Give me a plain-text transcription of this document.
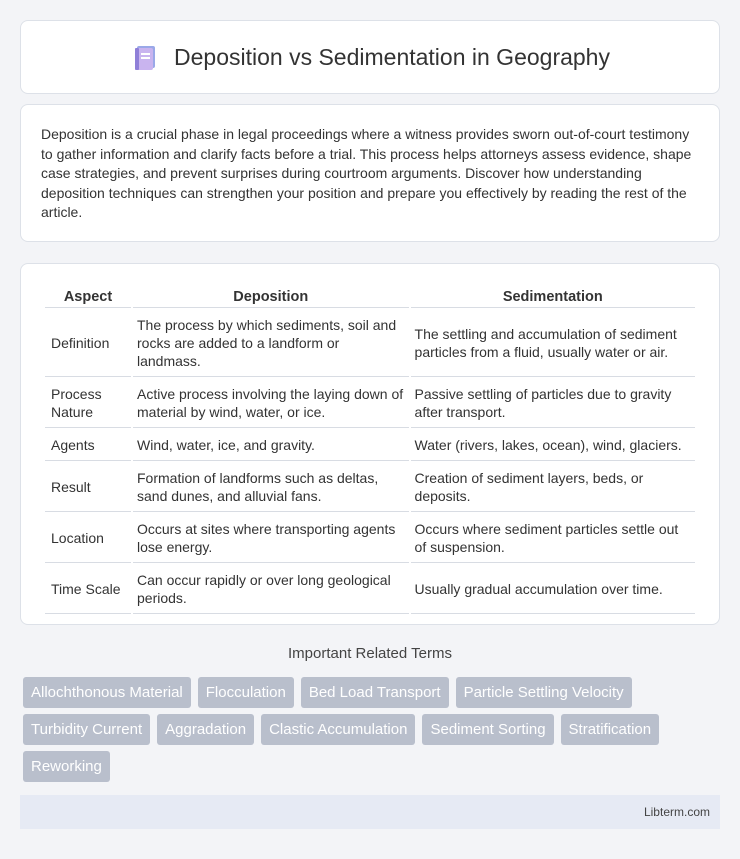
Deposition vs Sedimentation in Geography

Deposition is a crucial phase in legal proceedings where a witness provides sworn out-of-court testimony to gather information and clarify facts before a trial. This process helps attorneys assess evidence, shape case strategies, and prevent surprises during courtroom arguments. Discover how understanding deposition techniques can strengthen your position and prepare you effectively by reading the rest of the article.

Aspect	Deposition	Sedimentation
Definition	The process by which sediments, soil and rocks are added to a landform or landmass.	The settling and accumulation of sediment particles from a fluid, usually water or air.
Process Nature	Active process involving the laying down of material by wind, water, or ice.	Passive settling of particles due to gravity after transport.
Agents	Wind, water, ice, and gravity.	Water (rivers, lakes, ocean), wind, glaciers.
Result	Formation of landforms such as deltas, sand dunes, and alluvial fans.	Creation of sediment layers, beds, or deposits.
Location	Occurs at sites where transporting agents lose energy.	Occurs where sediment particles settle out of suspension.
Time Scale	Can occur rapidly or over long geological periods.	Usually gradual accumulation over time.
Important Related Terms
Allochthonous Material	Flocculation	Bed Load Transport	Particle Settling Velocity
Turbidity Current	Aggradation	Clastic Accumulation	Sediment Sorting	Stratification
Reworking
Libterm.com
